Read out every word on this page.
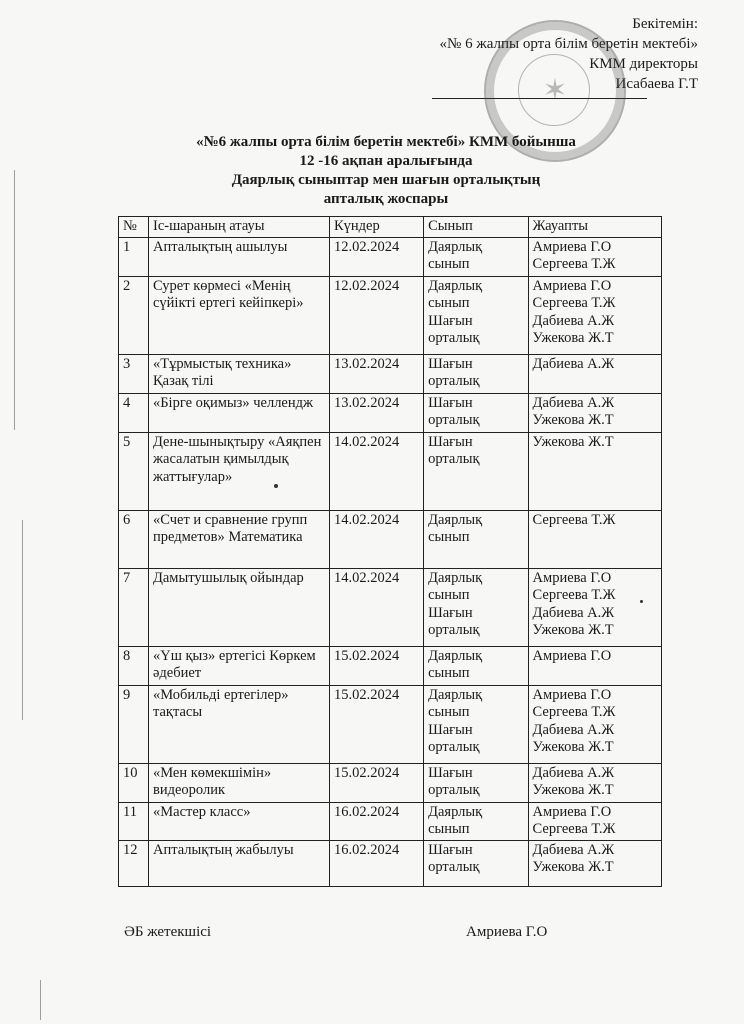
Бекітемін:
«№ 6 жалпы орта білім беретін мектебі»
КММ директоры
Исабаева Г.Т
✶
«№6 жалпы орта білім беретін мектебі» КММ бойынша
12 -16 ақпан аралығында
Даярлық сыныптар мен шағын орталықтың
апталық жоспары
№	Іс-шараның атауы	Күндер	Сынып	Жауапты
1	Апталықтың ашылуы	12.02.2024	Даярлық
сынып	Амриева Г.О
Сергеева Т.Ж

2	Сурет көрмесі «Менің сүйікті ертегі кейіпкері»	12.02.2024	Даярлық
сынып
Шағын
орталық	Амриева Г.О
Сергеева Т.Ж
Дабиева А.Ж
Ужекова Ж.Т

3	«Тұрмыстық техника» Қазақ тілі	13.02.2024	Шағын
орталық	Дабиева А.Ж

4	«Бірге оқимыз» челлендж	13.02.2024	Шағын
орталық	Дабиева А.Ж
Ужекова Ж.Т

5	Дене-шынықтыру «Аяқпен жасалатын қимылдық жаттығулар»	14.02.2024	Шағын
орталық	Ужекова Ж.Т

6	«Счет и сравнение групп предметов» Математика	14.02.2024	Даярлық
сынып	Сергеева Т.Ж

7	Дамытушылық ойындар	14.02.2024	Даярлық
сынып
Шағын
орталық	Амриева Г.О
Сергеева Т.Ж
Дабиева А.Ж
Ужекова Ж.Т

8	«Үш қыз» ертегісі Көркем әдебиет	15.02.2024	Даярлық
сынып	Амриева Г.О

9	«Мобильді ертегілер» тақтасы	15.02.2024	Даярлық
сынып
Шағын
орталық	Амриева Г.О
Сергеева Т.Ж
Дабиева А.Ж
Ужекова Ж.Т

10	«Мен көмекшімін» видеоролик	15.02.2024	Шағын
орталық	Дабиева А.Ж
Ужекова Ж.Т

11	«Мастер класс»	16.02.2024	Даярлық
сынып	Амриева Г.О
Сергеева Т.Ж

12	Апталықтың жабылуы	16.02.2024	Шағын
орталық	Дабиева А.Ж
Ужекова Ж.Т
ӘБ жетекшісі	Амриева Г.О
